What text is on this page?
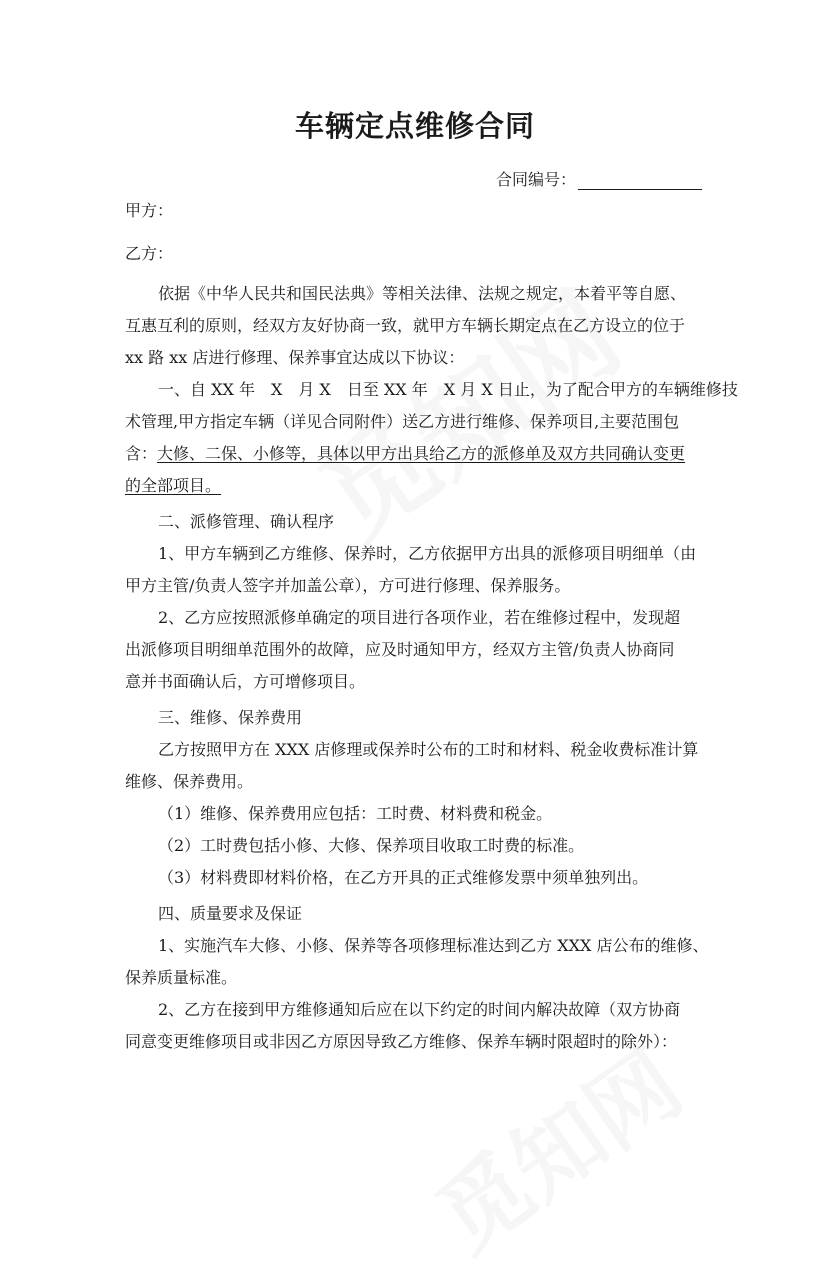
车辆定点维修合同
合同编号：
甲方：
乙方：
依据《中华人民共和国民法典》等相关法律、法规之规定，本着平等自愿、
互惠互利的原则，经双方友好协商一致，就甲方车辆长期定点在乙方设立的位于
xx 路 xx 店进行修理、保养事宜达成以下协议：
一、自 XX 年　X　月 X　日至 XX 年　X 月 X 日止，为了配合甲方的车辆维修技
术管理,甲方指定车辆（详见合同附件）送乙方进行维修、保养项目,主要范围包
含：大修、二保、小修等，具体以甲方出具给乙方的派修单及双方共同确认变更
的全部项目。
二、派修管理、确认程序
1、甲方车辆到乙方维修、保养时，乙方依据甲方出具的派修项目明细单（由
甲方主管/负责人签字并加盖公章），方可进行修理、保养服务。
2、乙方应按照派修单确定的项目进行各项作业，若在维修过程中，发现超
出派修项目明细单范围外的故障，应及时通知甲方，经双方主管/负责人协商同
意并书面确认后，方可增修项目。
三、维修、保养费用
乙方按照甲方在 XXX 店修理或保养时公布的工时和材料、税金收费标准计算
维修、保养费用。
（1）维修、保养费用应包括：工时费、材料费和税金。
（2）工时费包括小修、大修、保养项目收取工时费的标准。
（3）材料费即材料价格，在乙方开具的正式维修发票中须单独列出。
四、质量要求及保证
1、实施汽车大修、小修、保养等各项修理标准达到乙方 XXX 店公布的维修、
保养质量标准。
2、乙方在接到甲方维修通知后应在以下约定的时间内解决故障（双方协商
同意变更维修项目或非因乙方原因导致乙方维修、保养车辆时限超时的除外）：
